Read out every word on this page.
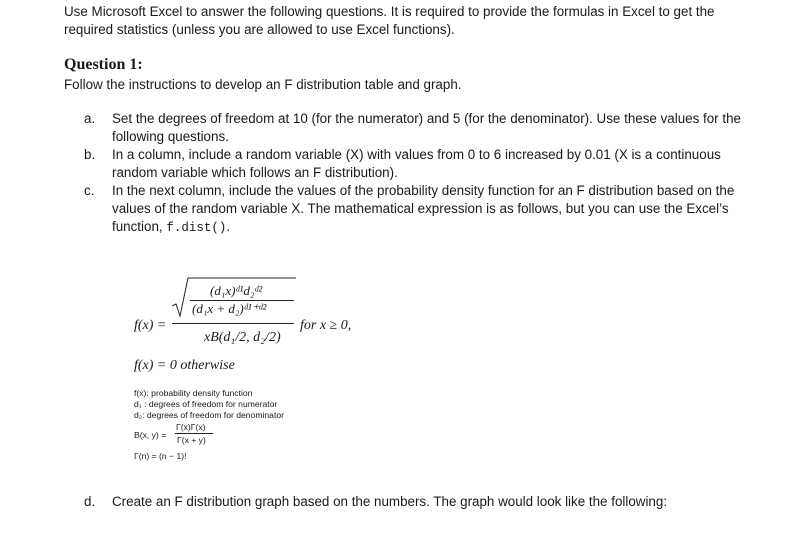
Use Microsoft Excel to answer the following questions. It is required to provide the formulas in Excel to get the required statistics (unless you are allowed to use Excel functions).
Question 1:
Follow the instructions to develop an F distribution table and graph.
a.	Set the degrees of freedom at 10 (for the numerator) and 5 (for the denominator). Use these values for the following questions.
b.	In a column, include a random variable (X) with values from 0 to 6 increased by 0.01 (X is a continuous random variable which follows an F distribution).
c.	In the next column, include the values of the probability density function for an F distribution based on the values of the random variable X. The mathematical expression is as follows, but you can use the Excel’s function, f.dist().
f(x) =
(d₁x)ᵈ¹d₂ᵈ²
(d₁x + d₂)ᵈ¹⁺ᵈ²
xB(d₁/2, d₂/2)
for x ≥ 0,
f(x) = 0 otherwise
f(x): probability density function
d₁ : degrees of freedom for numerator
d₂: degrees of freedom for denominator
B(x, y) =
Γ(x)Γ(x)
Γ(x + y)
Γ(n) = (n − 1)!
d.	Create an F distribution graph based on the numbers. The graph would look like the following:
